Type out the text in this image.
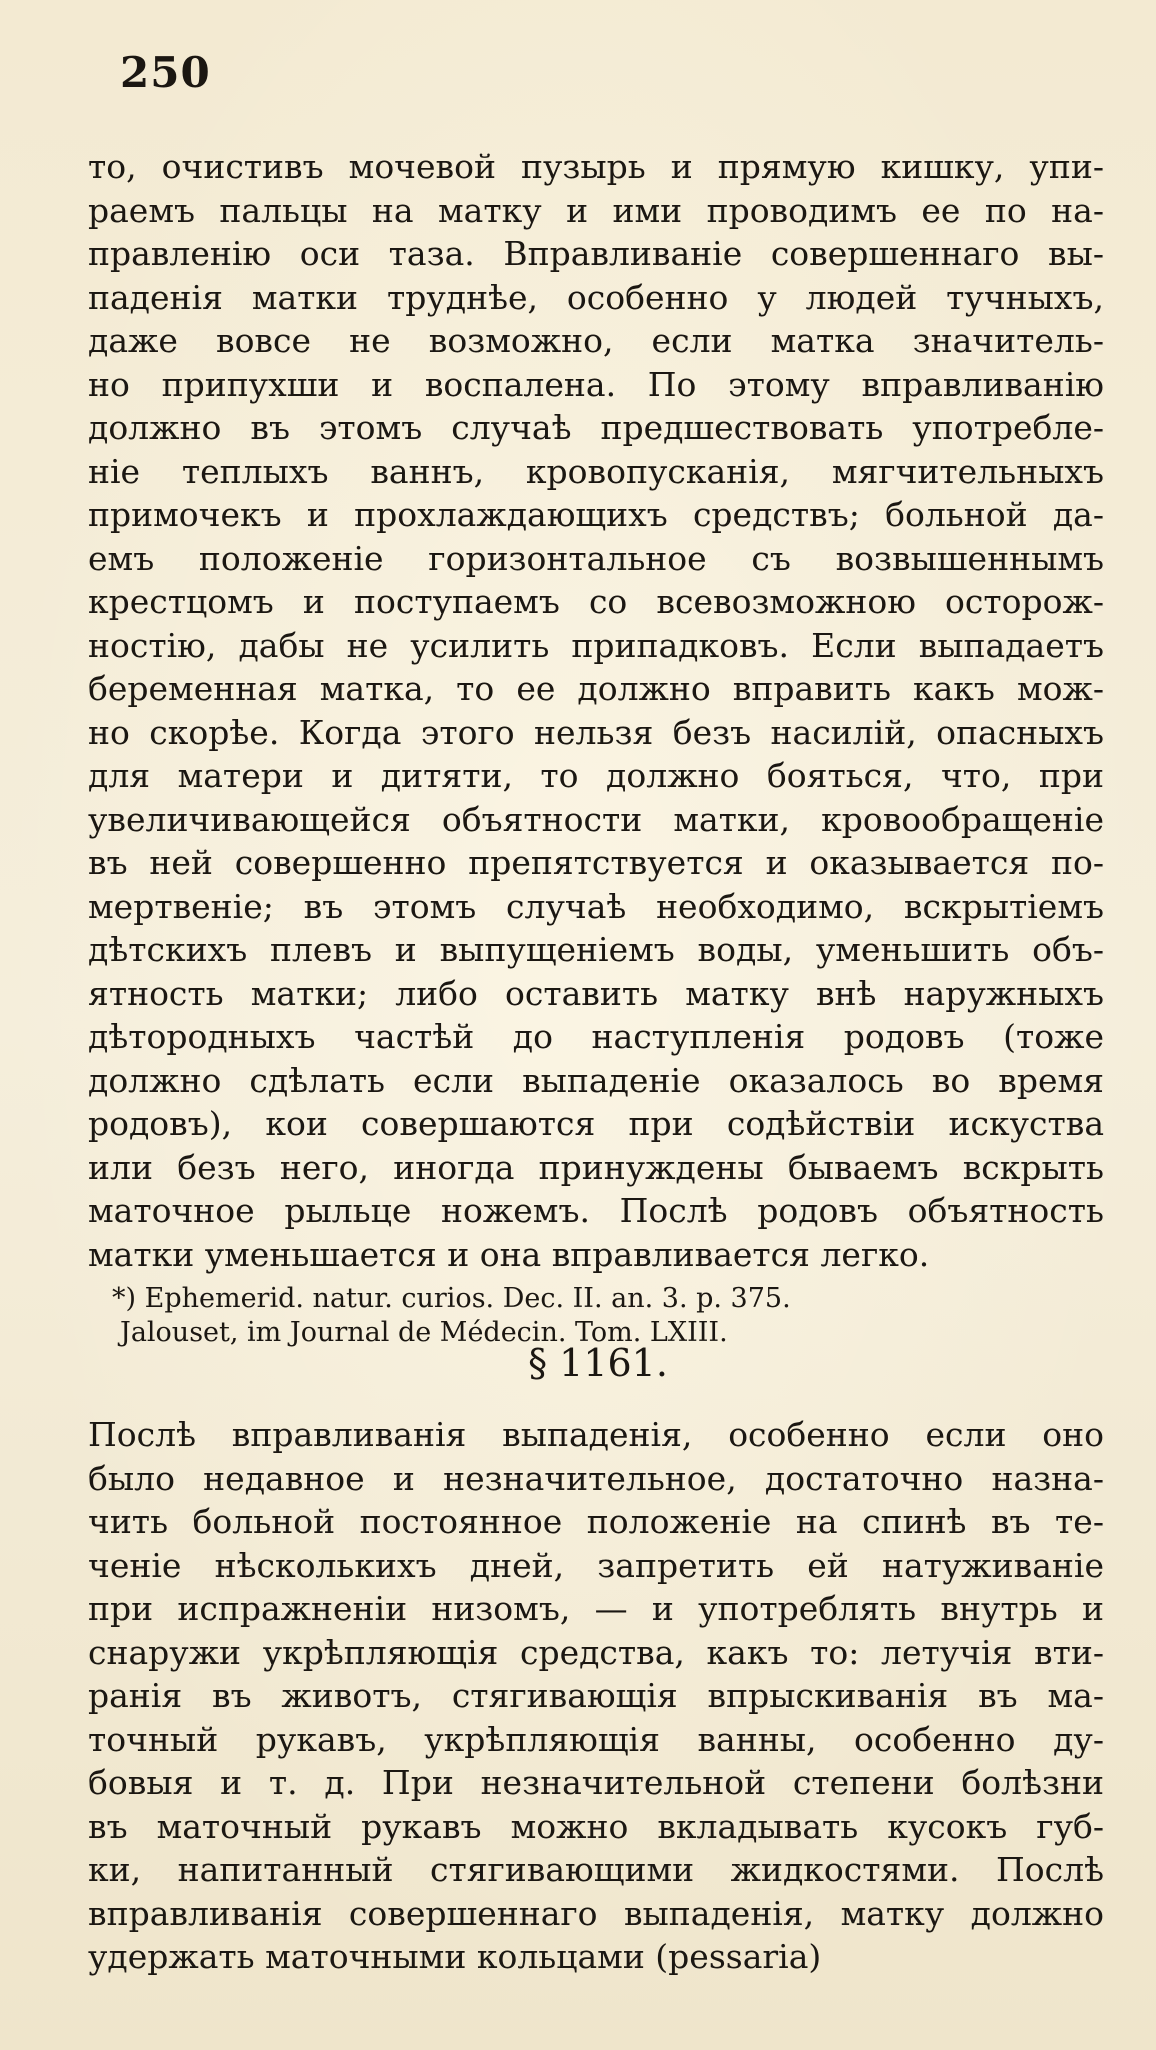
250
то, очистивъ мочевой пузырь и прямую кишку, упи-
раемъ пальцы на матку и ими проводимъ ее по на-
правленію оси таза. Вправливаніе совершеннаго вы-
паденія матки труднѣе, особенно у людей тучныхъ,
даже вовсе не возможно, если матка значитель-
но припухши и воспалена. По этому вправливанію
должно въ этомъ случаѣ предшествовать употребле-
ніе теплыхъ ваннъ, кровопусканія, мягчительныхъ
примочекъ и прохлаждающихъ средствъ; больной да-
емъ положеніе горизонтальное съ возвышеннымъ
крестцомъ и поступаемъ со всевозможною осторож-
ностію, дабы не усилить припадковъ. Если выпадаетъ
беременная матка, то ее должно вправить какъ мож-
но скорѣе. Когда этого нельзя безъ насилій, опасныхъ
для матери и дитяти, то должно бояться, что, при
увеличивающейся объятности матки, кровообращеніе
въ ней совершенно препятствуется и оказывается по-
мертвеніе; въ этомъ случаѣ необходимо, вскрытіемъ
дѣтскихъ плевъ и выпущеніемъ воды, уменьшить объ-
ятность матки; либо оставить матку внѣ наружныхъ
дѣтородныхъ частѣй до наступленія родовъ (тоже
должно сдѣлать если выпаденіе оказалось во время
родовъ), кои совершаются при содѣйствіи искуства
или безъ него, иногда принуждены бываемъ вскрыть
маточное рыльце ножемъ. Послѣ родовъ объятность
матки уменьшается и она вправливается легко.
*) Ephemerid. natur. curios. Dec. II. an. 3. p. 375.
Jalouset, im Journal de Médecin. Tom. LXIII.
§ 1161.
Послѣ вправливанія выпаденія, особенно если оно
было недавное и незначительное, достаточно назна-
чить больной постоянное положеніе на спинѣ въ те-
ченіе нѣсколькихъ дней, запретить ей натуживаніе
при испражненіи низомъ, — и употреблять внутрь и
снаружи укрѣпляющія средства, какъ то: летучія вти-
ранія въ животъ, стягивающія впрыскиванія въ ма-
точный рукавъ, укрѣпляющія ванны, особенно ду-
бовыя и т. д. При незначительной степени болѣзни
въ маточный рукавъ можно вкладывать кусокъ губ-
ки, напитанный стягивающими жидкостями. Послѣ
вправливанія совершеннаго выпаденія, матку должно
удержать маточными кольцами (pessaria)
